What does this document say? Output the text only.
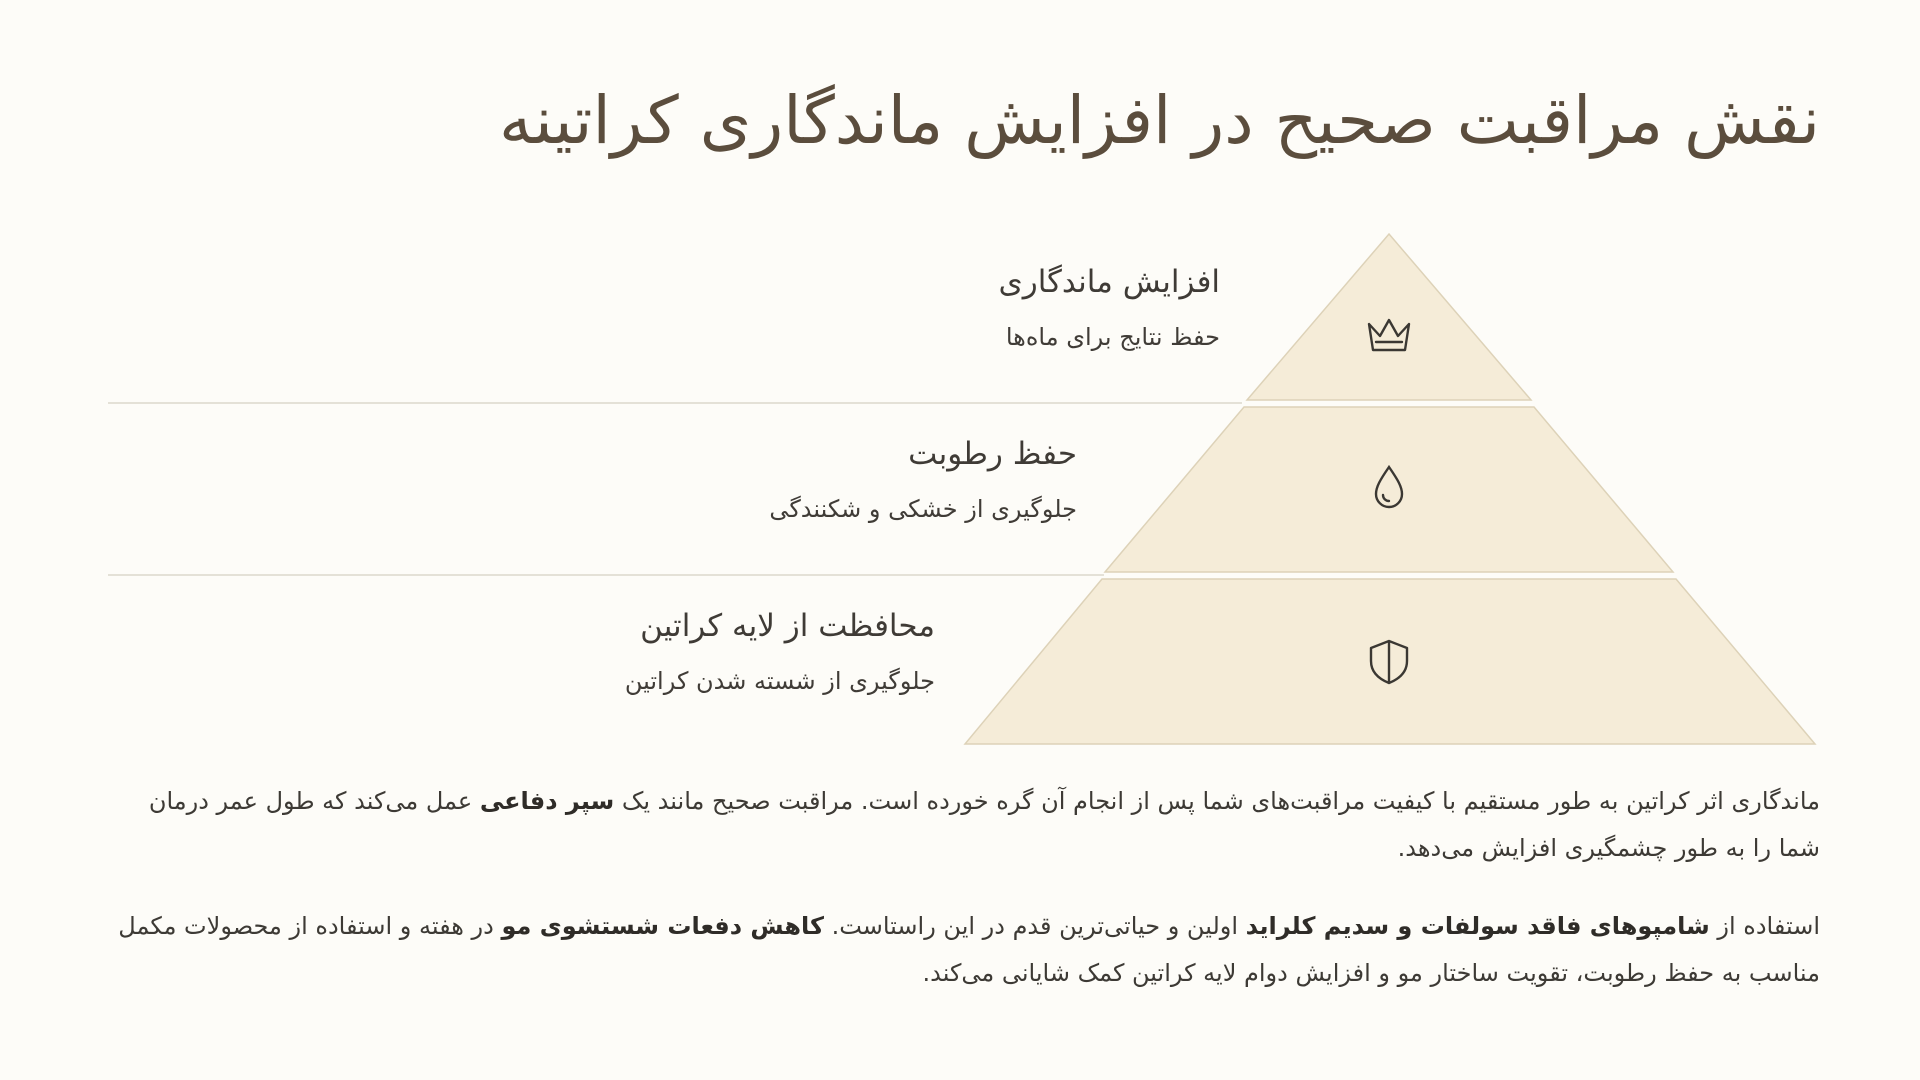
نقش مراقبت صحیح در افزایش ماندگاری کراتینه
افزایش ماندگاری
حفظ نتایج برای ماه‌ها
حفظ رطوبت
جلوگیری از خشکی و شکنندگی
محافظت از لایه کراتین
جلوگیری از شسته شدن کراتین

ماندگاری اثر کراتین به طور مستقیم با کیفیت مراقبت‌های شما پس از انجام آن گره خورده است. مراقبت صحیح مانند یک سپر دفاعی عمل می‌کند که طول عمر درمان شما را به طور چشمگیری افزایش می‌دهد.

استفاده از شامپوهای فاقد سولفات و سدیم کلراید اولین و حیاتی‌ترین قدم در این راستاست. کاهش دفعات شستشوی مو در هفته و استفاده از محصولات مکمل مناسب به حفظ رطوبت، تقویت ساختار مو و افزایش دوام لایه کراتین کمک شایانی می‌کند.
